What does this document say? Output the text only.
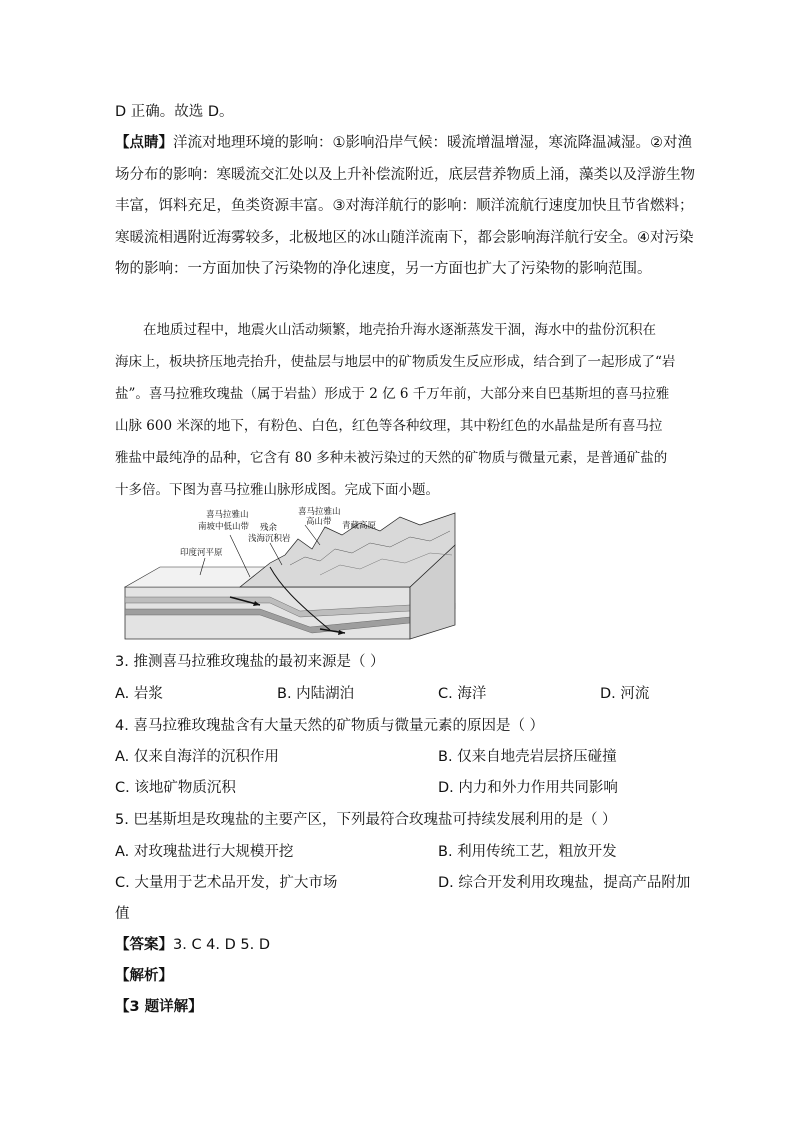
D 正确。故选 D。
【点睛】洋流对地理环境的影响：①影响沿岸气候：暖流增温增湿，寒流降温减湿。②对渔
场分布的影响：寒暖流交汇处以及上升补偿流附近，底层营养物质上涌，藻类以及浮游生物
丰富，饵料充足，鱼类资源丰富。③对海洋航行的影响：顺洋流航行速度加快且节省燃料；
寒暖流相遇附近海雾较多，北极地区的冰山随洋流南下，都会影响海洋航行安全。④对污染
物的影响：一方面加快了污染物的净化速度，另一方面也扩大了污染物的影响范围。
在地质过程中，地震火山活动频繁，地壳抬升海水逐渐蒸发干涸，海水中的盐份沉积在
海床上，板块挤压地壳抬升，使盐层与地层中的矿物质发生反应形成，结合到了一起形成了“岩
盐”。喜马拉雅玫瑰盐（属于岩盐）形成于 2 亿 6 千万年前，大部分来自巴基斯坦的喜马拉雅
山脉 600 米深的地下，有粉色、白色，红色等各种纹理，其中粉红色的水晶盐是所有喜马拉
雅盐中最纯净的品种，它含有 80 多种未被污染过的天然的矿物质与微量元素，是普通矿盐的
十多倍。下图为喜马拉雅山脉形成图。完成下面小题。
喜马拉雅山
南坡中低山带 残余
浅海沉积岩
喜马拉雅山
高山带 青藏高原
印度河平原
3. 推测喜马拉雅玫瑰盐的最初来源是（ ）
A. 岩浆	B. 内陆湖泊	C. 海洋	D. 河流
4. 喜马拉雅玫瑰盐含有大量天然的矿物质与微量元素的原因是（ ）
A. 仅来自海洋的沉积作用	B. 仅来自地壳岩层挤压碰撞
C. 该地矿物质沉积	D. 内力和外力作用共同影响
5. 巴基斯坦是玫瑰盐的主要产区，下列最符合玫瑰盐可持续发展利用的是（ ）
A. 对玫瑰盐进行大规模开挖	B. 利用传统工艺，粗放开发
C. 大量用于艺术品开发，扩大市场	D. 综合开发利用玫瑰盐，提高产品附加
值
【答案】3. C 4. D 5. D
【解析】
【3 题详解】
